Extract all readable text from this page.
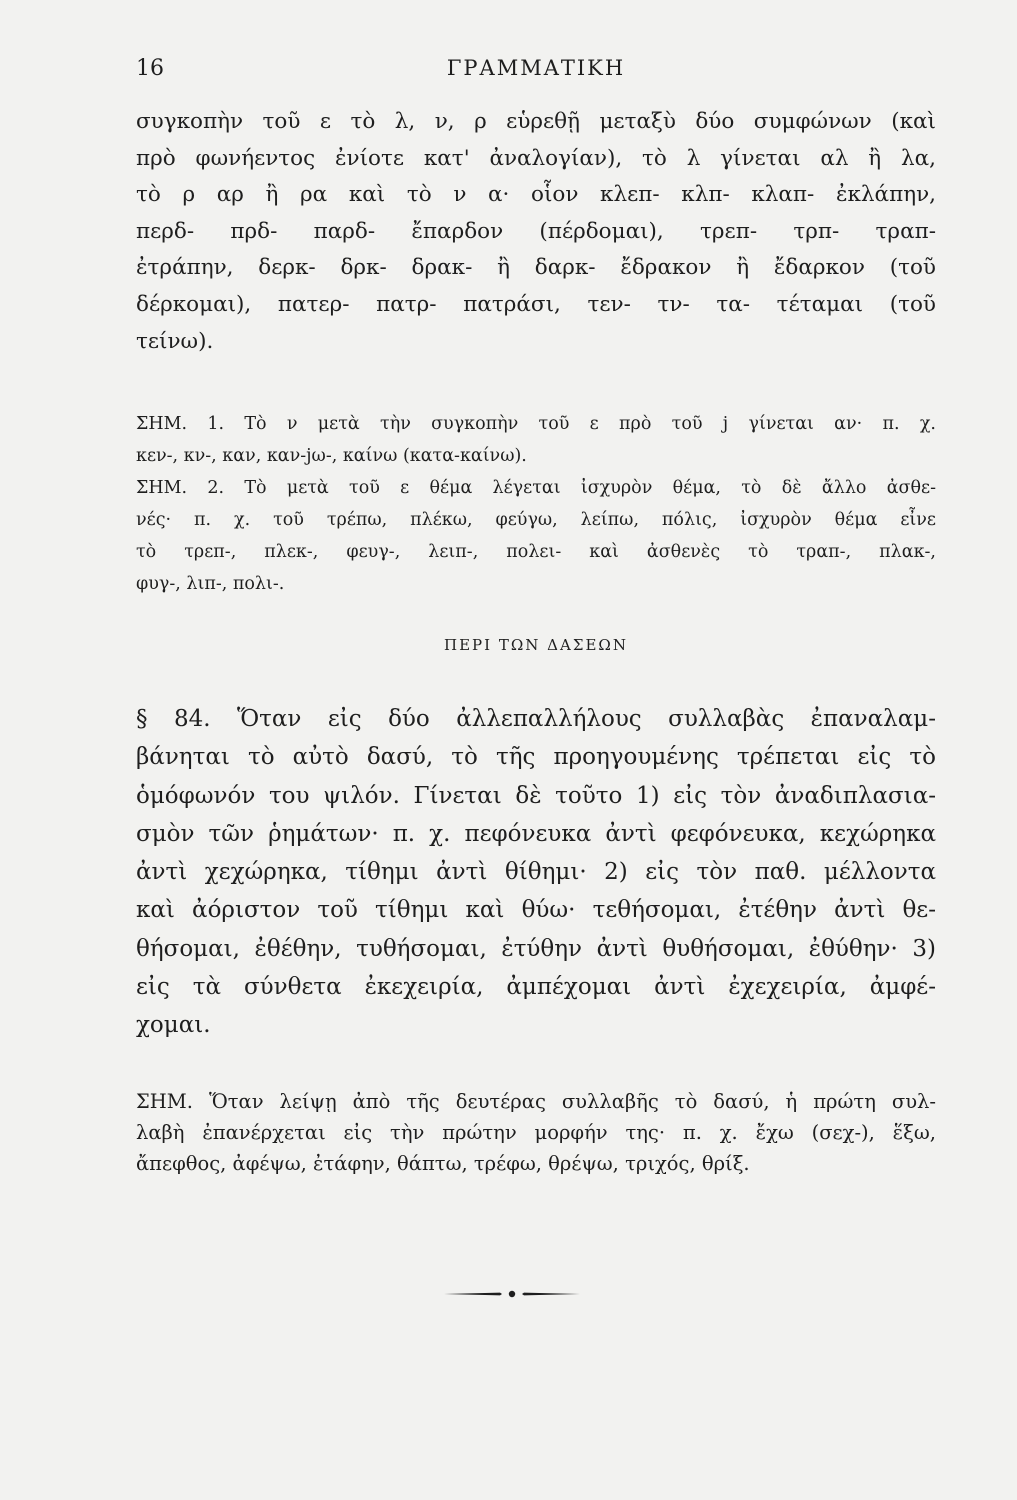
16	ΓΡΑΜΜΑΤΙΚΗ
συγκοπὴν τοῦ ε τὸ λ, ν, ρ εὑρεθῇ μεταξὺ δύο συμφώνων (καὶ
πρὸ φωνήεντος ἐνίοτε κατ' ἀναλογίαν), τὸ λ γίνεται αλ ἢ λα,
τὸ ρ αρ ἢ ρα καὶ τὸ ν α· οἷον κλεπ- κλπ- κλαπ- ἐκλάπην,
περδ- πρδ- παρδ- ἔπαρδον (πέρδομαι), τρεπ- τρπ- τραπ-
ἐτράπην, δερκ- δρκ- δρακ- ἢ δαρκ- ἔδρακον ἢ ἔδαρκον (τοῦ
δέρκομαι), πατερ- πατρ- πατράσι, τεν- τν- τα- τέταμαι (τοῦ
τείνω).
ΣΗΜ. 1. Τὸ ν μετὰ τὴν συγκοπὴν τοῦ ε πρὸ τοῦ j γίνεται αν· π. χ.
κεν-, κν-, καν, καν-jω-, καίνω (κατα-καίνω).
ΣΗΜ. 2. Τὸ μετὰ τοῦ ε θέμα λέγεται ἰσχυρὸν θέμα, τὸ δὲ ἄλλο ἀσθε-
νές· π. χ. τοῦ τρέπω, πλέκω, φεύγω, λείπω, πόλις, ἰσχυρὸν θέμα εἶνε
τὸ τρεπ-, πλεκ-, φευγ-, λειπ-, πολει- καὶ ἀσθενὲς τὸ τραπ-, πλακ-,
φυγ-, λιπ-, πολι-.
ΠΕΡΙ ΤΩΝ ΔΑΣΕΩΝ
§ 84. Ὅταν εἰς δύο ἀλλεπαλλήλους συλλαβὰς ἐπαναλαμ-
βάνηται τὸ αὐτὸ δασύ, τὸ τῆς προηγουμένης τρέπεται εἰς τὸ
ὁμόφωνόν του ψιλόν. Γίνεται δὲ τοῦτο 1) εἰς τὸν ἀναδιπλασια-
σμὸν τῶν ῥημάτων· π. χ. πεφόνευκα ἀντὶ φεφόνευκα, κεχώρηκα
ἀντὶ χεχώρηκα, τίθημι ἀντὶ θίθημι· 2) εἰς τὸν παθ. μέλλοντα
καὶ ἀόριστον τοῦ τίθημι καὶ θύω· τεθήσομαι, ἐτέθην ἀντὶ θε-
θήσομαι, ἐθέθην, τυθήσομαι, ἐτύθην ἀντὶ θυθήσομαι, ἐθύθην· 3)
εἰς τὰ σύνθετα ἐκεχειρία, ἀμπέχομαι ἀντὶ ἐχεχειρία, ἀμφέ-
χομαι.
ΣΗΜ. Ὅταν λείψῃ ἀπὸ τῆς δευτέρας συλλαβῆς τὸ δασύ, ἡ πρώτη συλ-
λαβὴ ἐπανέρχεται εἰς τὴν πρώτην μορφήν της· π. χ. ἔχω (σεχ-), ἕξω,
ἄπεφθος, ἀφέψω, ἐτάφην, θάπτω, τρέφω, θρέψω, τριχός, θρίξ.
